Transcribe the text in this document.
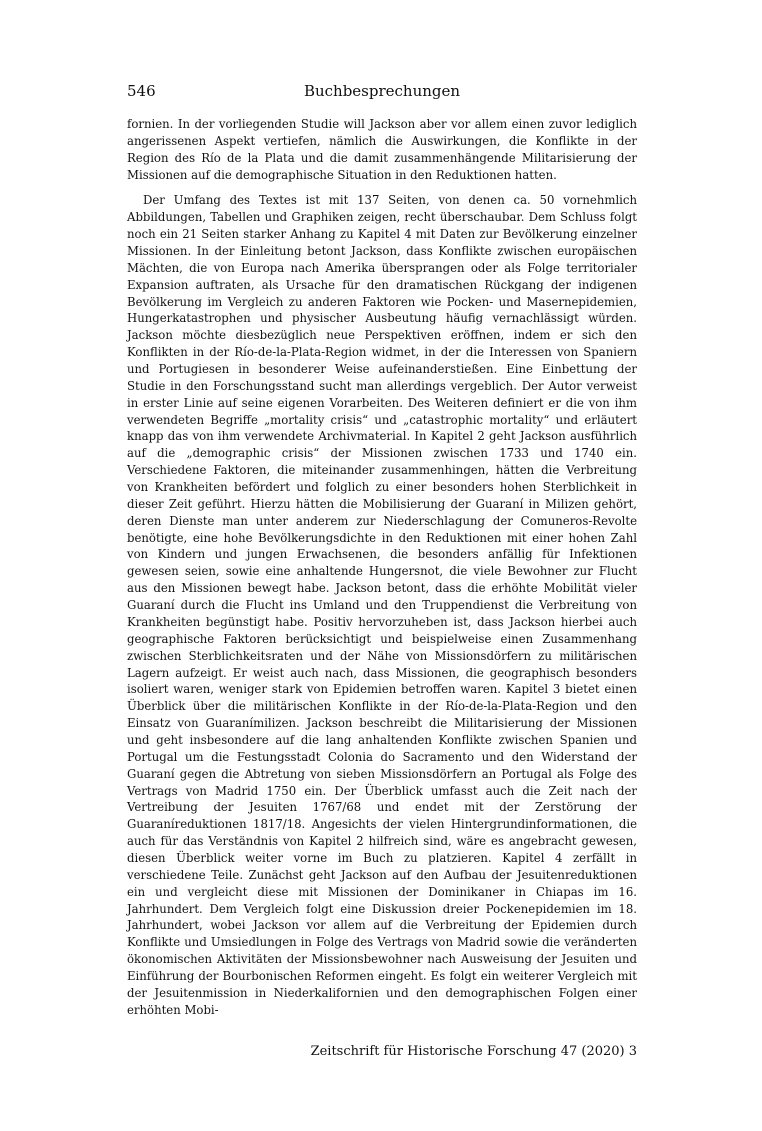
546	Buchbesprechungen

fornien. In der vorliegenden Studie will Jackson aber vor allem einen zuvor lediglich angerissenen Aspekt vertiefen, nämlich die Auswirkungen, die Konflikte in der Region des Río de la Plata und die damit zusammenhängende Militarisierung der Missionen auf die demographische Situation in den Reduktionen hatten.

Der Umfang des Textes ist mit 137 Seiten, von denen ca. 50 vornehmlich Abbildungen, Tabellen und Graphiken zeigen, recht überschaubar. Dem Schluss folgt noch ein 21 Seiten starker Anhang zu Kapitel 4 mit Daten zur Bevölkerung einzelner Missionen. In der Einleitung betont Jackson, dass Konflikte zwischen europäischen Mächten, die von Europa nach Amerika übersprangen oder als Folge territorialer Expansion auftraten, als Ursache für den dramatischen Rückgang der indigenen Bevölkerung im Vergleich zu anderen Faktoren wie Pocken- und Masernepidemien, Hungerkatastrophen und physischer Ausbeutung häufig vernachlässigt würden. Jackson möchte diesbezüglich neue Perspektiven eröffnen, indem er sich den Konflikten in der Río-de-la-Plata-Region widmet, in der die Interessen von Spaniern und Portugiesen in besonderer Weise aufeinanderstießen. Eine Einbettung der Studie in den Forschungsstand sucht man allerdings vergeblich. Der Autor verweist in erster Linie auf seine eigenen Vorarbeiten. Des Weiteren definiert er die von ihm verwendeten Begriffe „mortality crisis“ und „catastrophic mortality“ und erläutert knapp das von ihm verwendete Archivmaterial. In Kapitel 2 geht Jackson ausführlich auf die „demographic crisis“ der Missionen zwischen 1733 und 1740 ein. Verschiedene Faktoren, die miteinander zusammenhingen, hätten die Verbreitung von Krankheiten befördert und folglich zu einer besonders hohen Sterblichkeit in dieser Zeit geführt. Hierzu hätten die Mobilisierung der Guaraní in Milizen gehört, deren Dienste man unter anderem zur Niederschlagung der Comuneros-Revolte benötigte, eine hohe Bevölkerungsdichte in den Reduktionen mit einer hohen Zahl von Kindern und jungen Erwachsenen, die besonders anfällig für Infektionen gewesen seien, sowie eine anhaltende Hungersnot, die viele Bewohner zur Flucht aus den Missionen bewegt habe. Jackson betont, dass die erhöhte Mobilität vieler Guaraní durch die Flucht ins Umland und den Truppendienst die Verbreitung von Krankheiten begünstigt habe. Positiv hervorzuheben ist, dass Jackson hierbei auch geographische Faktoren berücksichtigt und beispielweise einen Zusammenhang zwischen Sterblichkeitsraten und der Nähe von Missionsdörfern zu militärischen Lagern aufzeigt. Er weist auch nach, dass Missionen, die geographisch besonders isoliert waren, weniger stark von Epidemien betroffen waren. Kapitel 3 bietet einen Überblick über die militärischen Konflikte in der Río-de-la-Plata-Region und den Einsatz von Guaranímilizen. Jackson beschreibt die Militarisierung der Missionen und geht insbesondere auf die lang anhaltenden Konflikte zwischen Spanien und Portugal um die Festungsstadt Colonia do Sacramento und den Widerstand der Guaraní gegen die Abtretung von sieben Missionsdörfern an Portugal als Folge des Vertrags von Madrid 1750 ein. Der Überblick umfasst auch die Zeit nach der Vertreibung der Jesuiten 1767/68 und endet mit der Zerstörung der Guaraníreduktionen 1817/18. Angesichts der vielen Hintergrundinformationen, die auch für das Verständnis von Kapitel 2 hilfreich sind, wäre es angebracht gewesen, diesen Überblick weiter vorne im Buch zu platzieren. Kapitel 4 zerfällt in verschiedene Teile. Zunächst geht Jackson auf den Aufbau der Jesuitenreduktionen ein und vergleicht diese mit Missionen der Dominikaner in Chiapas im 16. Jahrhundert. Dem Vergleich folgt eine Diskussion dreier Pockenepidemien im 18. Jahrhundert, wobei Jackson vor allem auf die Verbreitung der Epidemien durch Konflikte und Umsiedlungen in Folge des Vertrags von Madrid sowie die veränderten ökonomischen Aktivitäten der Missionsbewohner nach Ausweisung der Jesuiten und Einführung der Bourbonischen Reformen eingeht. Es folgt ein weiterer Vergleich mit der Jesuitenmission in Niederkalifornien und den demographischen Folgen einer erhöhten Mobi-

Zeitschrift für Historische Forschung 47 (2020) 3
